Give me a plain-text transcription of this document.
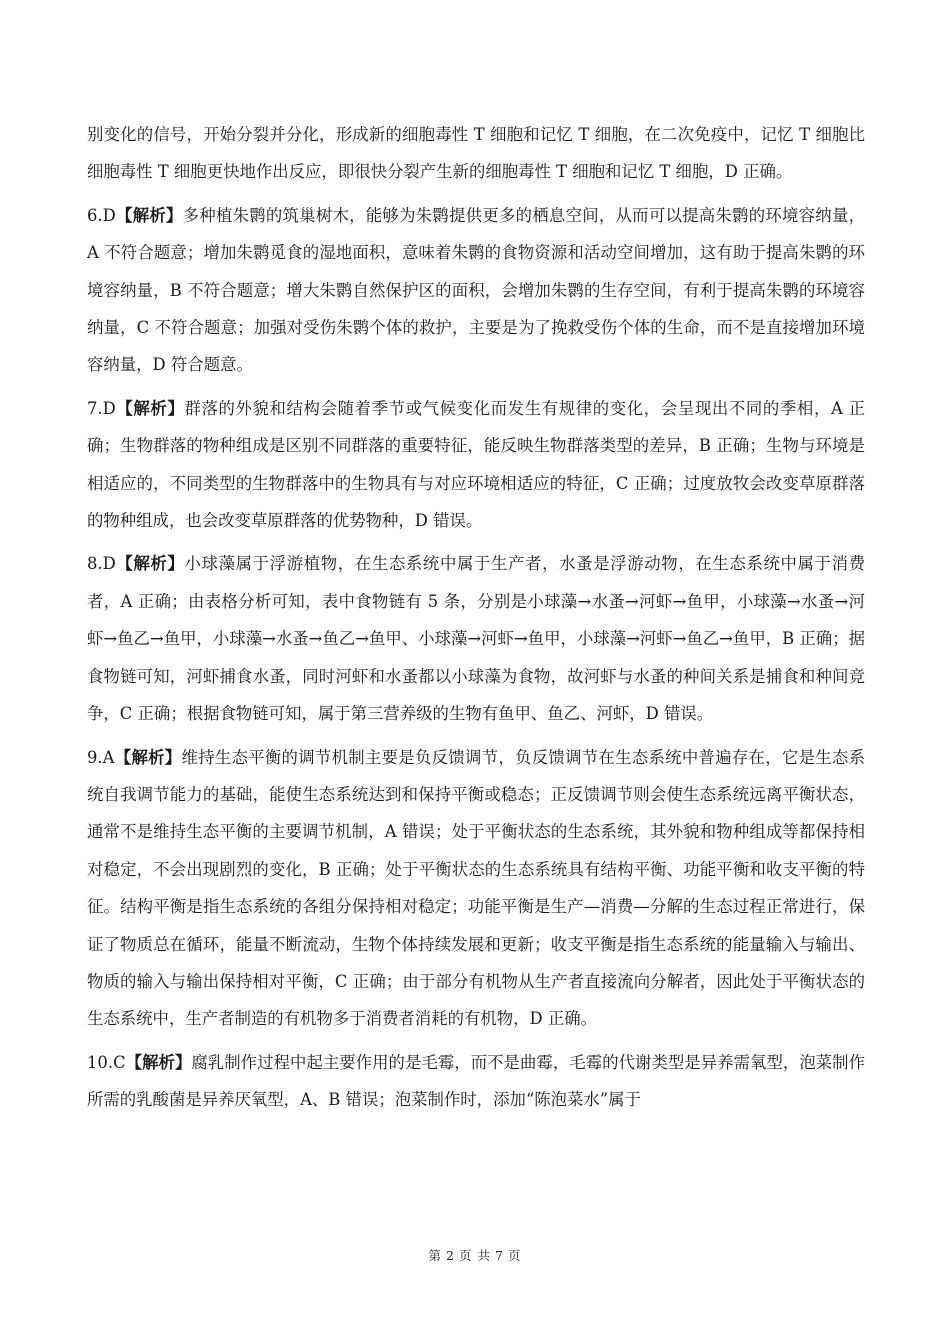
别变化的信号，开始分裂并分化，形成新的细胞毒性 T 细胞和记忆 T 细胞，在二次免疫中，记忆 T 细胞比细胞毒性 T 细胞更快地作出反应，即很快分裂产生新的细胞毒性 T 细胞和记忆 T 细胞，D 正确。

6.D【解析】多种植朱鹮的筑巢树木，能够为朱鹮提供更多的栖息空间，从而可以提高朱鹮的环境容纳量，A 不符合题意；增加朱鹮觅食的湿地面积，意味着朱鹮的食物资源和活动空间增加，这有助于提高朱鹮的环境容纳量，B 不符合题意；增大朱鹮自然保护区的面积，会增加朱鹮的生存空间，有利于提高朱鹮的环境容纳量，C 不符合题意；加强对受伤朱鹮个体的救护，主要是为了挽救受伤个体的生命，而不是直接增加环境容纳量，D 符合题意。

7.D【解析】群落的外貌和结构会随着季节或气候变化而发生有规律的变化，会呈现出不同的季相，A 正确；生物群落的物种组成是区别不同群落的重要特征，能反映生物群落类型的差异，B 正确；生物与环境是相适应的，不同类型的生物群落中的生物具有与对应环境相适应的特征，C 正确；过度放牧会改变草原群落的物种组成，也会改变草原群落的优势物种，D 错误。

8.D【解析】小球藻属于浮游植物，在生态系统中属于生产者，水蚤是浮游动物，在生态系统中属于消费者，A 正确；由表格分析可知，表中食物链有 5 条，分别是小球藻→水蚤→河虾→鱼甲，小球藻→水蚤→河虾→鱼乙→鱼甲，小球藻→水蚤→鱼乙→鱼甲、小球藻→河虾→鱼甲，小球藻→河虾→鱼乙→鱼甲，B 正确；据食物链可知，河虾捕食水蚤，同时河虾和水蚤都以小球藻为食物，故河虾与水蚤的种间关系是捕食和种间竞争，C 正确；根据食物链可知，属于第三营养级的生物有鱼甲、鱼乙、河虾，D 错误。

9.A【解析】维持生态平衡的调节机制主要是负反馈调节，负反馈调节在生态系统中普遍存在，它是生态系统自我调节能力的基础，能使生态系统达到和保持平衡或稳态；正反馈调节则会使生态系统远离平衡状态，通常不是维持生态平衡的主要调节机制，A 错误；处于平衡状态的生态系统，其外貌和物种组成等都保持相对稳定，不会出现剧烈的变化，B 正确；处于平衡状态的生态系统具有结构平衡、功能平衡和收支平衡的特征。结构平衡是指生态系统的各组分保持相对稳定；功能平衡是生产—消费—分解的生态过程正常进行，保证了物质总在循环，能量不断流动，生物个体持续发展和更新；收支平衡是指生态系统的能量输入与输出、物质的输入与输出保持相对平衡，C 正确；由于部分有机物从生产者直接流向分解者，因此处于平衡状态的生态系统中，生产者制造的有机物多于消费者消耗的有机物，D 正确。

10.C【解析】腐乳制作过程中起主要作用的是毛霉，而不是曲霉，毛霉的代谢类型是异养需氧型，泡菜制作所需的乳酸菌是异养厌氧型，A、B 错误；泡菜制作时，添加“陈泡菜水”属于

第 2 页 共 7 页
